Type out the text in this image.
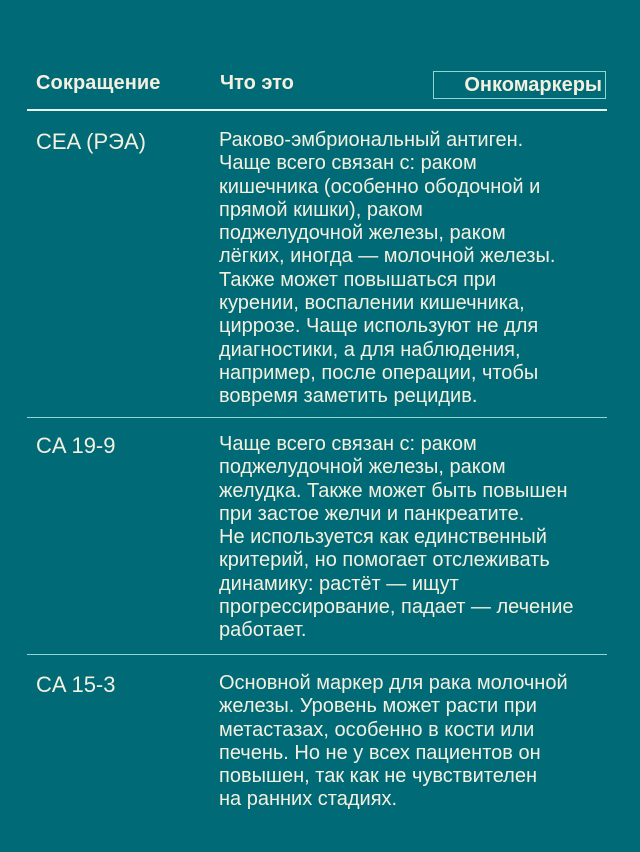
Сокращение	Что это	Онкомаркеры
CEA (РЭА)	Раково-эмбриональный антиген.
Чаще всего связан с: раком
кишечника (особенно ободочной и
прямой кишки), раком
поджелудочной железы, раком
лёгких, иногда — молочной железы.
Также может повышаться при
курении, воспалении кишечника,
циррозе. Чаще используют не для
диагностики, а для наблюдения,
например, после операции, чтобы
вовремя заметить рецидив.
CA 19-9	Чаще всего связан с: раком
поджелудочной железы, раком
желудка. Также может быть повышен
при застое желчи и панкреатите.
Не используется как единственный
критерий, но помогает отслеживать
динамику: растёт — ищут
прогрессирование, падает — лечение
работает.
CA 15-3	Основной маркер для рака молочной
железы. Уровень может расти при
метастазах, особенно в кости или
печень. Но не у всех пациентов он
повышен, так как не чувствителен
на ранних стадиях.
